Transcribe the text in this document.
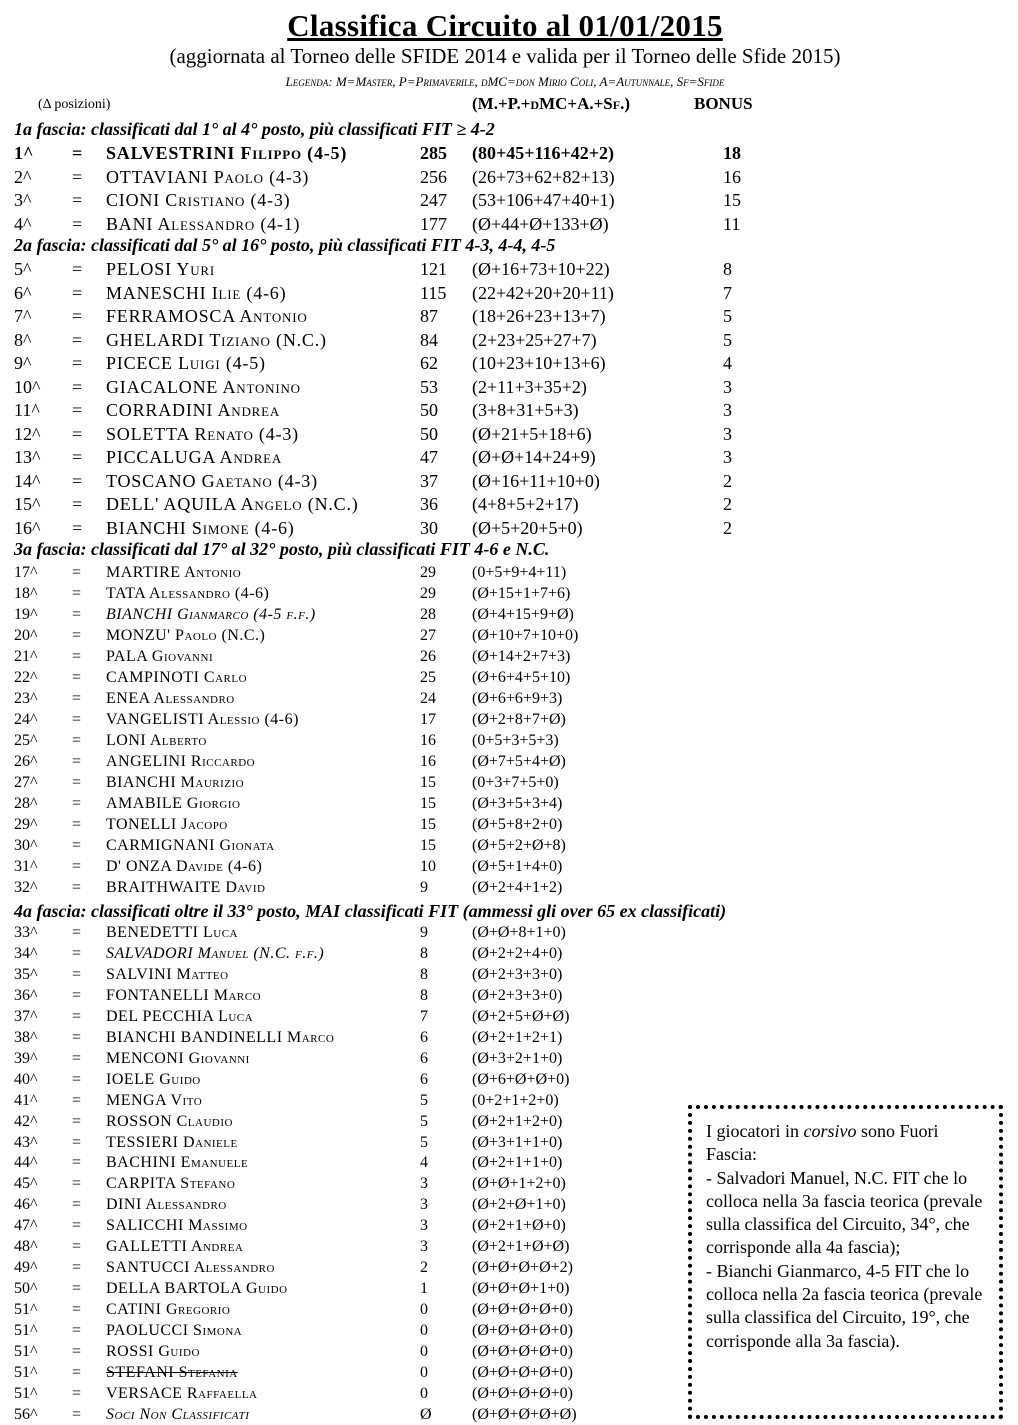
Classifica Circuito al 01/01/2015
(aggiornata al Torneo delle SFIDE 2014 e valida per il Torneo delle Sfide 2015)
Legenda: M=Master, P=Primaverile, dMC=don Mirio Coli, A=Autunnale, Sf=Sfide
(Δ posizioni)	(M.+P.+dMC+A.+Sf.)	BONUS
1a fascia: classificati dal 1° al 4° posto, più classificati FIT ≥ 4-2
2a fascia: classificati dal 5° al 16° posto, più classificati FIT 4-3, 4-4, 4-5
3a fascia: classificati dal 17° al 32° posto, più classificati FIT 4-6 e N.C.
4a fascia: classificati oltre il 33° posto, MAI classificati FIT (ammessi gli over 65 ex classificati)
1^ = SALVESTRINI Filippo (4-5)	285 (80+45+116+42+2)	18
2^ = OTTAVIANI Paolo (4-3)	256 (26+73+62+82+13)	16
3^ = CIONI Cristiano (4-3)	247 (53+106+47+40+1)	15
4^ = BANI Alessandro (4-1)	177 (Ø+44+Ø+133+Ø)	11
5^ = PELOSI Yuri	121 (Ø+16+73+10+22)	8
6^ = MANESCHI Ilie (4-6)	115 (22+42+20+20+11)	7
7^ = FERRAMOSCA Antonio	87 (18+26+23+13+7)	5
8^ = GHELARDI Tiziano (N.C.)	84 (2+23+25+27+7)	5
9^ = PICECE Luigi (4-5)	62 (10+23+10+13+6)	4
10^ = GIACALONE Antonino	53 (2+11+3+35+2)	3
11^ = CORRADINI Andrea	50 (3+8+31+5+3)	3
12^ = SOLETTA Renato (4-3)	50 (Ø+21+5+18+6)	3
13^ = PICCALUGA Andrea	47 (Ø+Ø+14+24+9)	3
14^ = TOSCANO Gaetano (4-3)	37 (Ø+16+11+10+0)	2
15^ = DELL' AQUILA Angelo (N.C.)	36 (4+8+5+2+17)	2
16^ = BIANCHI Simone (4-6)	30 (Ø+5+20+5+0)	2
17^ = MARTIRE Antonio	29 (0+5+9+4+11)
18^ = TATA Alessandro (4-6)	29 (Ø+15+1+7+6)
19^ = BIANCHI Gianmarco (4-5 f.f.)	28 (Ø+4+15+9+Ø)
20^ = MONZU' Paolo (N.C.)	27 (Ø+10+7+10+0)
21^ = PALA Giovanni	26 (Ø+14+2+7+3)
22^ = CAMPINOTI Carlo	25 (Ø+6+4+5+10)
23^ = ENEA Alessandro	24 (Ø+6+6+9+3)
24^ = VANGELISTI Alessio (4-6)	17 (Ø+2+8+7+Ø)
25^ = LONI Alberto	16 (0+5+3+5+3)
26^ = ANGELINI Riccardo	16 (Ø+7+5+4+Ø)
27^ = BIANCHI Maurizio	15 (0+3+7+5+0)
28^ = AMABILE Giorgio	15 (Ø+3+5+3+4)
29^ = TONELLI Jacopo	15 (Ø+5+8+2+0)
30^ = CARMIGNANI Gionata	15 (Ø+5+2+Ø+8)
31^ = D' ONZA Davide (4-6)	10 (Ø+5+1+4+0)
32^ = BRAITHWAITE David	9	(Ø+2+4+1+2)
33^ = BENEDETTI Luca	9	(Ø+Ø+8+1+0)
34^ = SALVADORI Manuel (N.C. f.f.)	8	(Ø+2+2+4+0)
35^ = SALVINI Matteo	8	(Ø+2+3+3+0)
36^ = FONTANELLI Marco	8	(Ø+2+3+3+0)
37^ = DEL PECCHIA Luca	7	(Ø+2+5+Ø+Ø)
38^ = BIANCHI BANDINELLI Marco	6	(Ø+2+1+2+1)
39^ = MENCONI Giovanni	6	(Ø+3+2+1+0)
40^ = IOELE Guido	6	(Ø+6+Ø+Ø+0)
41^ = MENGA Vito	5	(0+2+1+2+0)
42^ = ROSSON Claudio	5	(Ø+2+1+2+0)
43^ = TESSIERI Daniele	5	(Ø+3+1+1+0)
44^ = BACHINI Emanuele	4	(Ø+2+1+1+0)
45^ = CARPITA Stefano	3	(Ø+Ø+1+2+0)
46^ = DINI Alessandro	3	(Ø+2+Ø+1+0)
47^ = SALICCHI Massimo	3	(Ø+2+1+Ø+0)
48^ = GALLETTI Andrea	3	(Ø+2+1+Ø+Ø)
49^ = SANTUCCI Alessandro	2	(Ø+Ø+Ø+Ø+2)
50^ = DELLA BARTOLA Guido	1	(Ø+Ø+Ø+1+0)
51^ = CATINI Gregorio	0	(Ø+Ø+Ø+Ø+0)
51^ = PAOLUCCI Simona	0	(Ø+Ø+Ø+Ø+0)
51^ = ROSSI Guido	0	(Ø+Ø+Ø+Ø+0)
51^ = STEFANI Stefania	0	(Ø+Ø+Ø+Ø+0)
51^ = VERSACE Raffaella	0	(Ø+Ø+Ø+Ø+0)
56^ = Soci Non Classificati	Ø	(Ø+Ø+Ø+Ø+Ø)

I giocatori in corsivo sono Fuori Fascia:

- Salvadori Manuel, N.C. FIT che lo colloca nella 3a fascia teorica (prevale sulla classifica del Circuito, 34°, che corrisponde alla 4a fascia);

- Bianchi Gianmarco, 4-5 FIT che lo colloca nella 2a fascia teorica (prevale sulla classifica del Circuito, 19°, che corrisponde alla 3a fascia).
